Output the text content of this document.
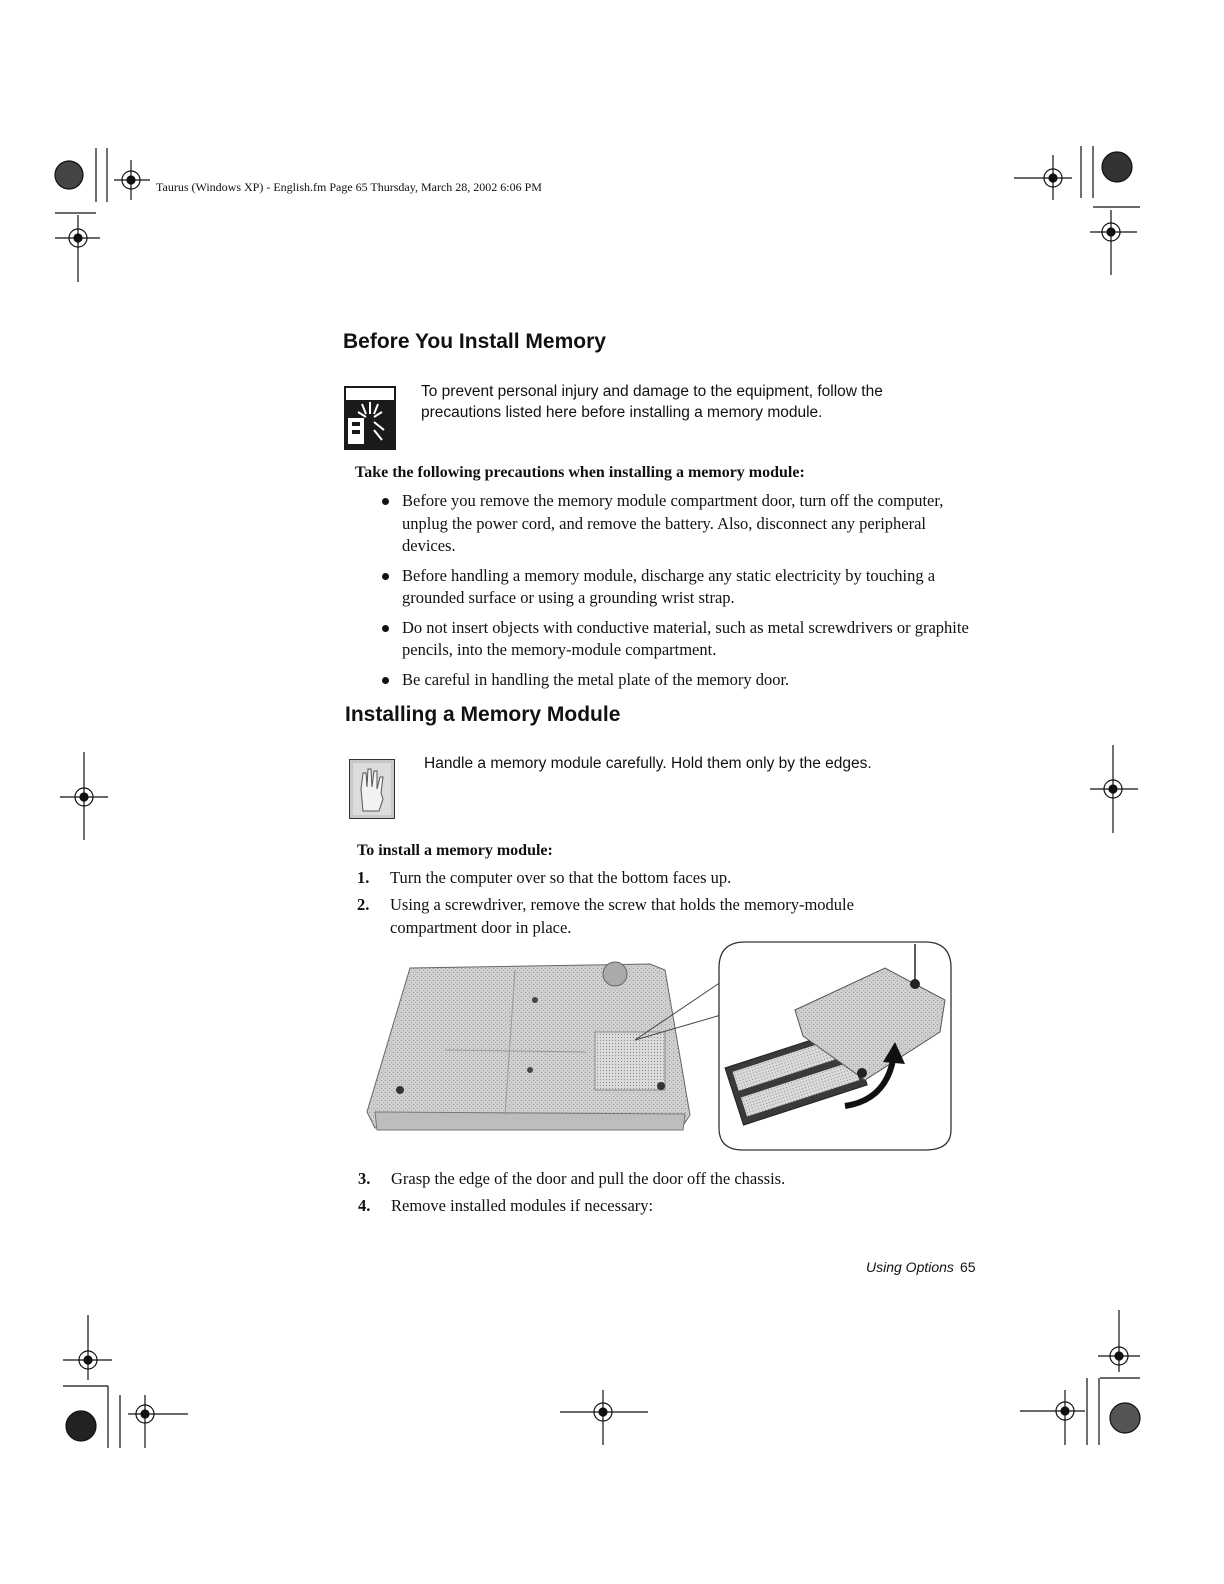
Taurus (Windows XP) - English.fm Page 65 Thursday, March 28, 2002 6:06 PM
Before You Install Memory
To prevent personal injury and damage to the equipment, follow the precautions listed here before installing a memory module.
Take the following precautions when installing a memory module:
Before you remove the memory module compartment door, turn off the computer, unplug the power cord, and remove the battery. Also, disconnect any peripheral devices.
Before handling a memory module, discharge any static electricity by touching a grounded surface or using a grounding wrist strap.
Do not insert objects with conductive material, such as metal screwdrivers or graphite pencils, into the memory-module compartment.
Be careful in handling the metal plate of the memory door.
Installing a Memory Module
Handle a memory module carefully. Hold them only by the edges.
To install a memory module:
1. Turn the computer over so that the bottom faces up.
2. Using a screwdriver, remove the screw that holds the memory-module compartment door in place.
3. Grasp the edge of the door and pull the door off the chassis.
4. Remove installed modules if necessary:
Using Options 65
